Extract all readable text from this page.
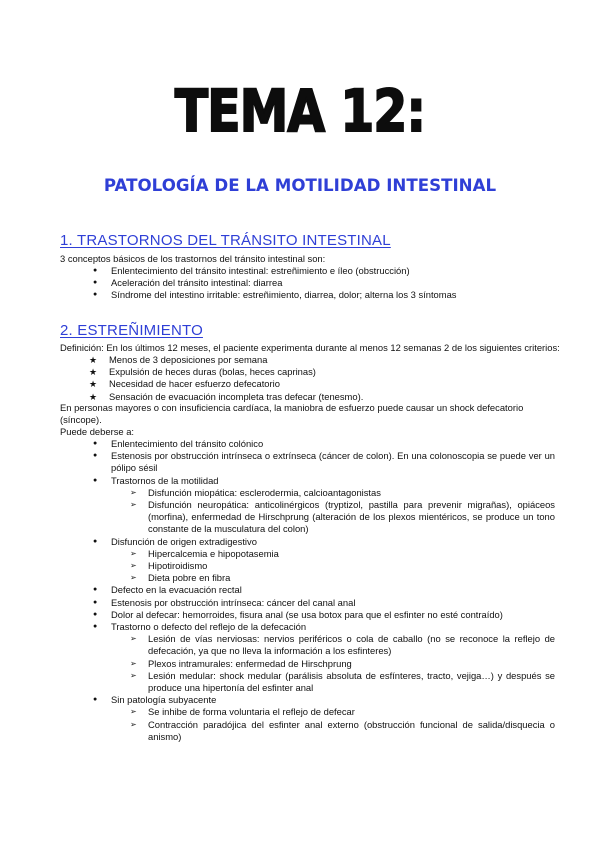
TEMA 12:
PATOLOGÍA DE LA MOTILIDAD INTESTINAL
1. TRASTORNOS DEL TRÁNSITO INTESTINAL

3 conceptos básicos de los trastornos del tránsito intestinal son:

● Enlentecimiento del tránsito intestinal: estreñimiento e íleo (obstrucción)
● Aceleración del tránsito intestinal: diarrea
● Síndrome del intestino irritable: estreñimiento, diarrea, dolor; alterna los 3 síntomas
2. ESTREÑIMIENTO

Definición: En los últimos 12 meses, el paciente experimenta durante al menos 12 semanas 2 de los siguientes criterios:

★ Menos de 3 deposiciones por semana
★ Expulsión de heces duras (bolas, heces caprinas)
★ Necesidad de hacer esfuerzo defecatorio
★ Sensación de evacuación incompleta tras defecar (tenesmo).

En personas mayores o con insuficiencia cardíaca, la maniobra de esfuerzo puede causar un shock defecatorio (síncope).

Puede deberse a:

● Enlentecimiento del tránsito colónico
● Estenosis por obstrucción intrínseca o extrínseca (cáncer de colon). En una colonoscopia se puede ver un pólipo sésil
● Trastornos de la motilidad
➢ Disfunción miopática: esclerodermia, calcioantagonistas
➢ Disfunción neuropática: anticolinérgicos (tryptizol, pastilla para prevenir migrañas), opiáceos (morfina), enfermedad de Hirschprung (alteración de los plexos mientéricos, se produce un tono constante de la musculatura del colon)
● Disfunción de origen extradigestivo
➢ Hipercalcemia e hipopotasemia
➢ Hipotiroidismo
➢ Dieta pobre en fibra
● Defecto en la evacuación rectal
● Estenosis por obstrucción intrínseca: cáncer del canal anal
● Dolor al defecar: hemorroides, fisura anal (se usa botox para que el esfinter no esté contraído)
● Trastorno o defecto del reflejo de la defecación
➢ Lesión de vías nerviosas: nervios periféricos o cola de caballo (no se reconoce la reflejo de defecación, ya que no lleva la información a los esfinteres)
➢ Plexos intramurales: enfermedad de Hirschprung
➢ Lesión medular: shock medular (parálisis absoluta de esfínteres, tracto, vejiga…) y después se produce una hipertonía del esfinter anal
● Sin patología subyacente
➢ Se inhibe de forma voluntaria el reflejo de defecar
➢ Contracción paradójica del esfinter anal externo (obstrucción funcional de salida/disquecia o anismo)
